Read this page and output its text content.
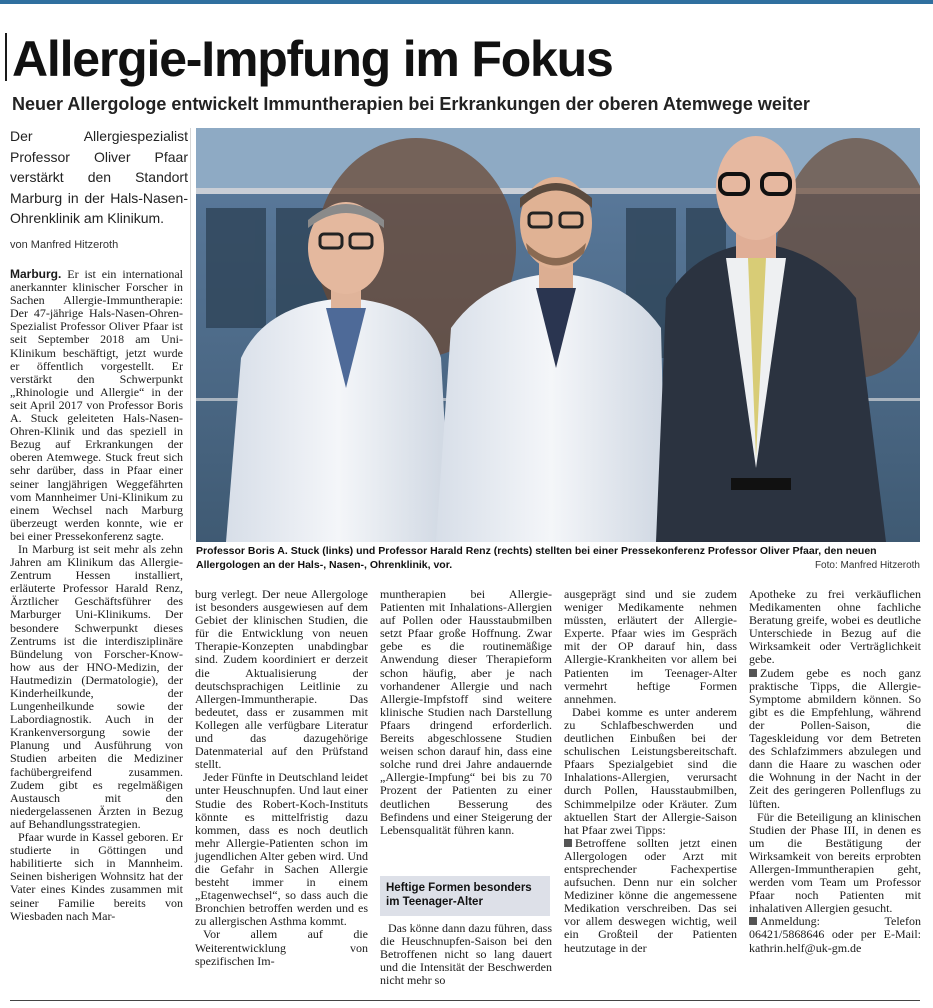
Allergie-Impfung im Fokus
Neuer Allergologe entwickelt Immuntherapien bei Erkrankungen der oberen Atemwege weiter

Der Allergiespezialist Professor Oliver Pfaar verstärkt den Standort Marburg in der Hals-Nasen-Ohrenklinik am Klinikum.

von Manfred Hitzeroth

Professor Boris A. Stuck (links) und Professor Harald Renz (rechts) stellten bei einer Pressekonferenz Professor Oliver Pfaar, den neuen Allergologen an der Hals-, Nasen-, Ohrenklinik, vor.	Foto: Manfred Hitzeroth

Marburg. Er ist ein international anerkannter klinischer Forscher in Sachen Allergie-Immuntherapie: Der 47-jährige Hals-Nasen-Ohren-Spezialist Professor Oliver Pfaar ist seit September 2018 am Uni-Klinikum beschäftigt, jetzt wurde er öffentlich vorgestellt. Er verstärkt den Schwerpunkt „Rhinologie und Allergie“ in der seit April 2017 von Professor Boris A. Stuck geleiteten Hals-Nasen-Ohren-Klinik und das speziell in Bezug auf Erkrankungen der oberen Atemwege. Stuck freut sich sehr darüber, dass in Pfaar einer seiner langjährigen Weggefährten vom Mannheimer Uni-Klinikum zu einem Wechsel nach Marburg überzeugt werden konnte, wie er bei einer Pressekonferenz sagte.

In Marburg ist seit mehr als zehn Jahren am Klinikum das Allergie-Zentrum Hessen installiert, erläuterte Professor Harald Renz, Ärztlicher Geschäftsführer des Marburger Uni-Klinikums. Der besondere Schwerpunkt dieses Zentrums ist die interdisziplinäre Bündelung von Forscher-Know-how aus der HNO-Medizin, der Hautmedizin (Dermatologie), der Kinderheilkunde, der Lungenheilkunde sowie der Labordiagnostik. Auch in der Krankenversorgung sowie der Planung und Ausführung von Studien arbeiten die Mediziner fachübergreifend zusammen. Zudem gibt es regelmäßigen Austausch mit den niedergelassenen Ärzten in Bezug auf Behandlungsstrategien.

Pfaar wurde in Kassel geboren. Er studierte in Göttingen und habilitierte sich in Mannheim. Seinen bisherigen Wohnsitz hat der Vater eines Kindes zusammen mit seiner Familie bereits von Wiesbaden nach Mar-

burg verlegt. Der neue Allergologe ist besonders ausgewiesen auf dem Gebiet der klinischen Studien, die für die Entwicklung von neuen Therapie-Konzepten unabdingbar sind. Zudem koordiniert er derzeit die Aktualisierung der deutschsprachigen Leitlinie zu Allergen-Immuntherapie. Das bedeutet, dass er zusammen mit Kollegen alle verfügbare Literatur und das dazugehörige Datenmaterial auf den Prüfstand stellt.

Jeder Fünfte in Deutschland leidet unter Heuschnupfen. Und laut einer Studie des Robert-Koch-Instituts könnte es mittelfristig dazu kommen, dass es noch deutlich mehr Allergie-Patienten schon im jugendlichen Alter geben wird. Und die Gefahr in Sachen Allergie besteht immer in einem „Etagenwechsel“, so dass auch die Bronchien betroffen werden und es zu allergischen Asthma kommt.

Vor allem auf die Weiterentwicklung von spezifischen Im-

muntherapien bei Allergie-Patienten mit Inhalations-Allergien auf Pollen oder Hausstaubmilben setzt Pfaar große Hoffnung. Zwar gebe es die routinemäßige Anwendung dieser Therapieform schon häufig, aber je nach vorhandener Allergie und nach Allergie-Impfstoff sind weitere klinische Studien nach Darstellung Pfaars dringend erforderlich. Bereits abgeschlossene Studien weisen schon darauf hin, dass eine solche rund drei Jahre andauernde „Allergie-Impfung“ bei bis zu 70 Prozent der Patienten zu einer deutlichen Besserung des Befindens und einer Steigerung der Lebensqualität führen kann.

Heftige Formen besonders im Teenager-Alter

Das könne dann dazu führen, dass die Heuschnupfen-Saison bei den Betroffenen nicht so lang dauert und die Intensität der Beschwerden nicht mehr so

ausgeprägt sind und sie zudem weniger Medikamente nehmen müssten, erläutert der Allergie-Experte. Pfaar wies im Gespräch mit der OP darauf hin, dass Allergie-Krankheiten vor allem bei Patienten im Teenager-Alter vermehrt heftige Formen annehmen.

Dabei komme es unter anderem zu Schlafbeschwerden und deutlichen Einbußen bei der schulischen Leistungsbereitschaft. Pfaars Spezialgebiet sind die Inhalations-Allergien, verursacht durch Pollen, Hausstaubmilben, Schimmelpilze oder Kräuter. Zum aktuellen Start der Allergie-Saison hat Pfaar zwei Tipps:

Betroffene sollten jetzt einen Allergologen oder Arzt mit entsprechender Fachexpertise aufsuchen. Denn nur ein solcher Mediziner könne die angemessene Medikation verschreiben. Das sei vor allem deswegen wichtig, weil ein Großteil der Patienten heutzutage in der

Apotheke zu frei verkäuflichen Medikamenten ohne fachliche Beratung greife, wobei es deutliche Unterschiede in Bezug auf die Wirksamkeit oder Verträglichkeit gebe.

Zudem gebe es noch ganz praktische Tipps, die Allergie-Symptome abmildern können. So gibt es die Empfehlung, während der Pollen-Saison, die Tageskleidung vor dem Betreten des Schlafzimmers abzulegen und dann die Haare zu waschen oder die Wohnung in der Nacht in der Zeit des geringeren Pollenflugs zu lüften.

Für die Beteiligung an klinischen Studien der Phase III, in denen es um die Bestätigung der Wirksamkeit von bereits erprobten Allergen-Immuntherapien geht, werden vom Team um Professor Pfaar noch Patienten mit inhalativen Allergien gesucht.

Anmeldung: Telefon 06421/5868646 oder per E-Mail: kathrin.helf@uk-gm.de
